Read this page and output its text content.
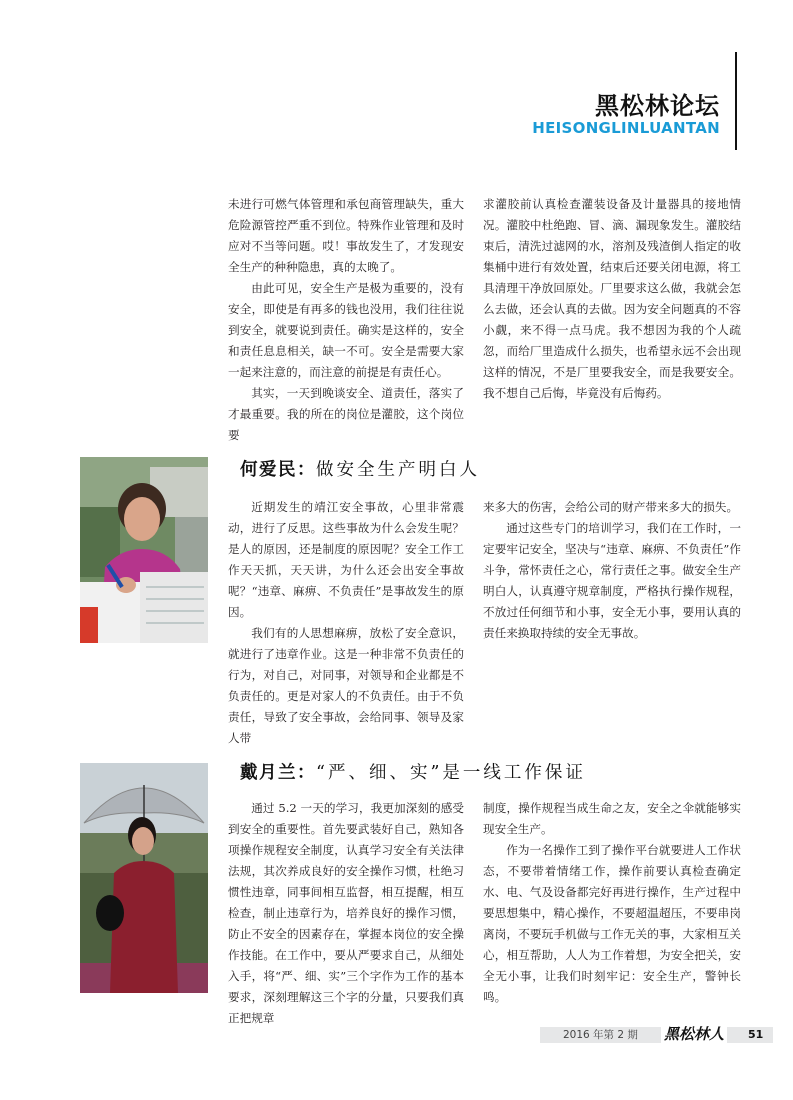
黑松林论坛
HEISONGLINLUANTAN

未进行可燃气体管理和承包商管理缺失，重大危险源管控严重不到位。特殊作业管理和及时应对不当等问题。哎！事故发生了，才发现安全生产的种种隐患，真的太晚了。

由此可见，安全生产是极为重要的，没有安全，即使是有再多的钱也没用，我们往往说到安全，就要说到责任。确实是这样的，安全和责任息息相关，缺一不可。安全是需要大家一起来注意的，而注意的前提是有责任心。

其实，一天到晚谈安全、道责任，落实了才最重要。我的所在的岗位是灌胶，这个岗位要

求灌胶前认真检查灌装设备及计量器具的接地情况。灌胶中杜绝跑、冒、滴、漏现象发生。灌胶结束后，清洗过滤网的水，溶剂及残渣倒人指定的收集桶中进行有效处置，结束后还要关闭电源，将工具清理干净放回原处。厂里要求这么做，我就会怎么去做，还会认真的去做。因为安全问题真的不容小觑，来不得一点马虎。我不想因为我的个人疏忽，而给厂里造成什么损失，也希望永远不会出现这样的情况，不是厂里要我安全，而是我要安全。我不想自己后悔，毕竟没有后悔药。

何爱民：做安全生产明白人

近期发生的靖江安全事故，心里非常震动，进行了反思。这些事故为什么会发生呢？是人的原因，还是制度的原因呢？安全工作工作天天抓，天天讲，为什么还会出安全事故呢？“违章、麻痹、不负责任”是事故发生的原因。

我们有的人思想麻痹，放松了安全意识，就进行了违章作业。这是一种非常不负责任的行为，对自己，对同事，对领导和企业都是不负责任的。更是对家人的不负责任。由于不负责任，导致了安全事故，会给同事、领导及家人带

来多大的伤害，会给公司的财产带来多大的损失。

通过这些专门的培训学习，我们在工作时，一定要牢记安全，坚决与“违章、麻痹、不负责任”作斗争，常怀责任之心，常行责任之事。做安全生产明白人，认真遵守规章制度，严格执行操作规程，不放过任何细节和小事，安全无小事，要用认真的责任来换取持续的安全无事故。

戴月兰：“严、细、实”是一线工作保证

通过 5.2 一天的学习，我更加深刻的感受到安全的重要性。首先要武装好自己，熟知各项操作规程安全制度，认真学习安全有关法律法规，其次养成良好的安全操作习惯，杜绝习惯性违章，同事间相互监督，相互提醒，相互检查，制止违章行为，培养良好的操作习惯，防止不安全的因素存在，掌握本岗位的安全操作技能。在工作中，要从严要求自己，从细处入手，将“严、细、实”三个字作为工作的基本要求，深刻理解这三个字的分量，只要我们真正把规章

制度，操作规程当成生命之友，安全之伞就能够实现安全生产。

作为一名操作工到了操作平台就要进人工作状态，不要带着情绪工作，操作前要认真检查确定水、电、气及设备都完好再进行操作，生产过程中要思想集中，精心操作，不要超温超压，不要串岗离岗，不要玩手机做与工作无关的事，大家相互关心，相互帮助，人人为工作着想，为安全把关，安全无小事，让我们时刻牢记：安全生产，警钟长鸣。

2016 年第 2 期 黑松林人 51
